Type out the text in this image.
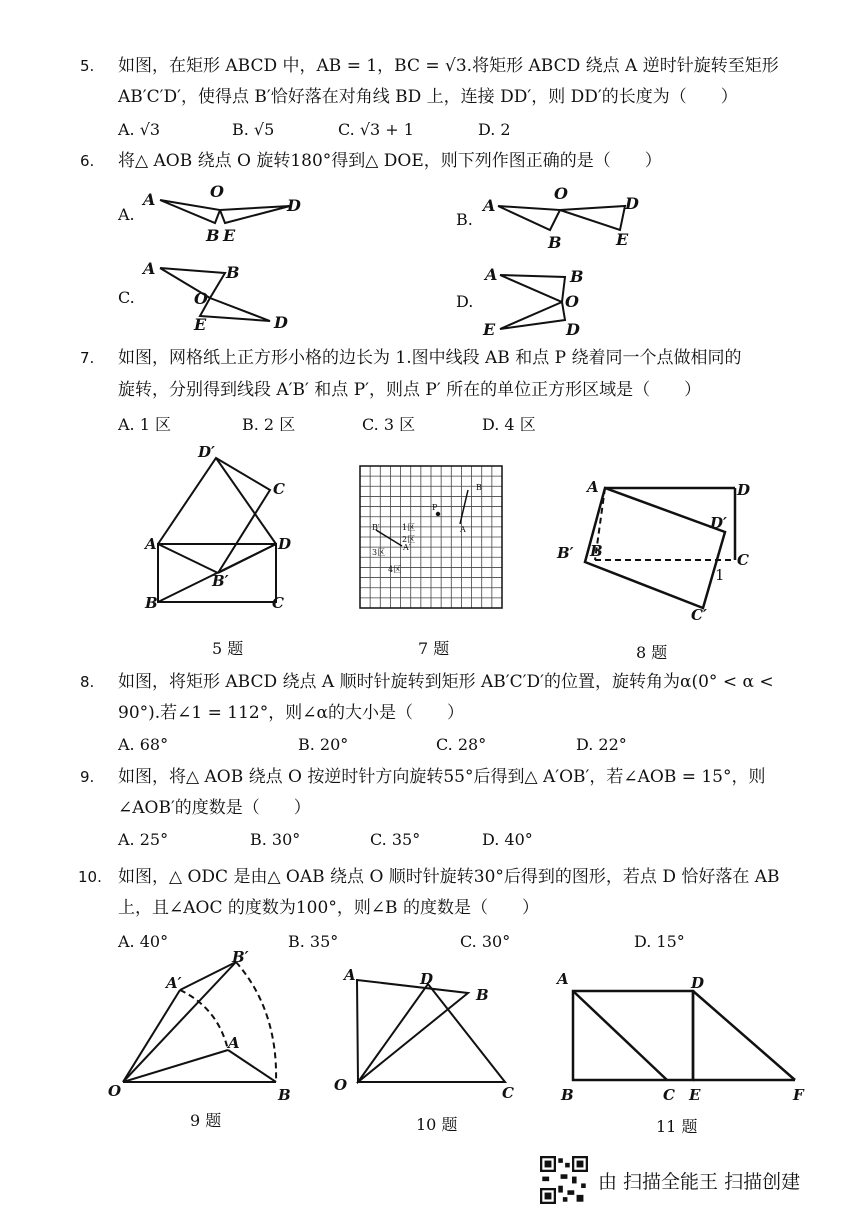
5. 如图，在矩形 ABCD 中，AB = 1，BC = √3.将矩形 ABCD 绕点 A 逆时针旋转至矩形
AB′C′D′，使得点 B′恰好落在对角线 BD 上，连接 DD′，则 DD′的长度为（　　）
A. √3	B. √5	C. √3 + 1	D. 2
6. 将△ AOB 绕点 O 旋转180°得到△ DOE，则下列作图正确的是（　　）
A.
A	O
D
B E
B.
A
O
D
B	E
C.
A	B
O
E	D
D.
A	B
O
E	D
7. 如图，网格纸上正方形小格的边长为 1.图中线段 AB 和点 P 绕着同一个点做相同的
旋转，分别得到线段 A′B′ 和点 P′，则点 P′ 所在的单位正方形区域是（　　）
A. 1 区	B. 2 区	C. 3 区	D. 4 区
D′
C
A	D
B′
B	C
5 题
B
A
P
B′
A′
1区
2区
3区
4区
7 题
A	D
D′
B′ B	C
1
C′
8 题
8. 如图，将矩形 ABCD 绕点 A 顺时针旋转到矩形 AB′C′D′的位置，旋转角为α(0° < α <
90°).若∠1 = 112°，则∠α的大小是（　　）
A. 68°	B. 20°	C. 28°	D. 22°
9. 如图，将△ AOB 绕点 O 按逆时针方向旋转55°后得到△ A′OB′，若∠AOB = 15°，则
∠AOB′的度数是（　　）
A. 25°	B. 30°	C. 35°	D. 40°
10. 如图，△ ODC 是由△ OAB 绕点 O 顺时针旋转30°后得到的图形，若点 D 恰好落在 AB
上，且∠AOC 的度数为100°，则∠B 的度数是（　　）
A. 40°	B. 35°	C. 30°	D. 15°
O	B
A
A′
B′
9 题
A	D
B
O	C
10 题
A	D
B	C E	F
11 题
由 扫描全能王 扫描创建
